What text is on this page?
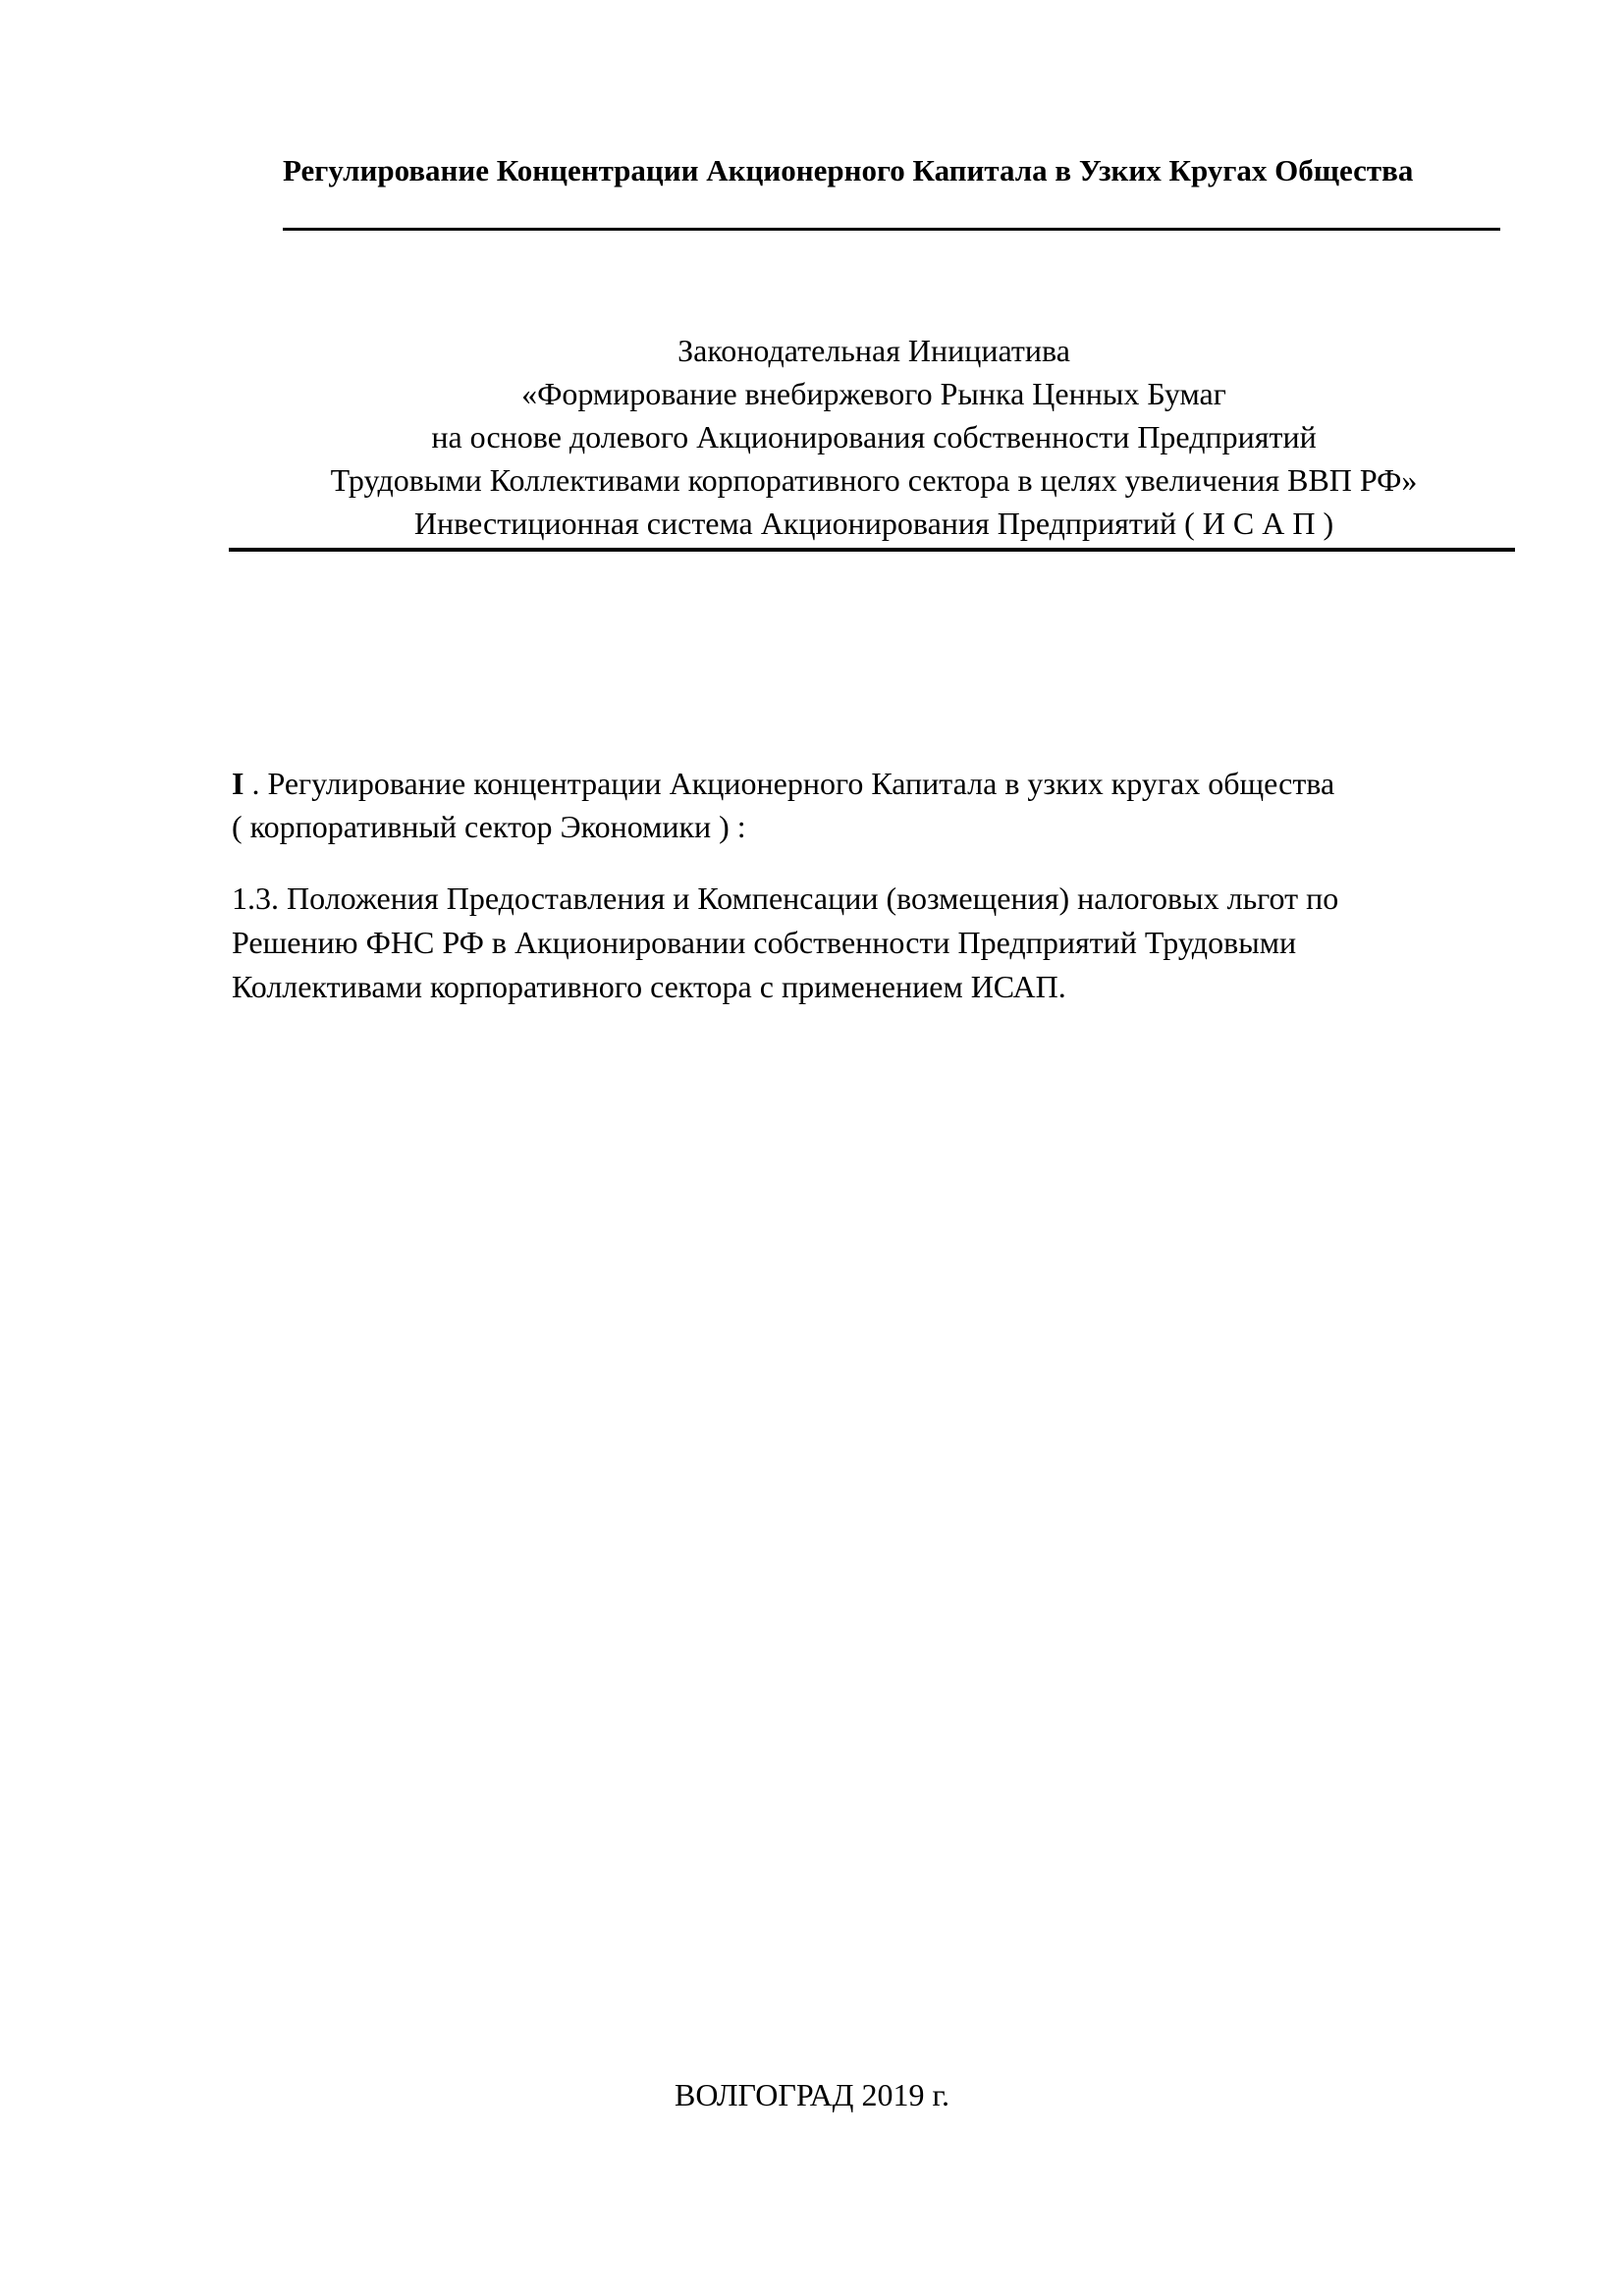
Регулирование Концентрации Акционерного Капитала в Узких Кругах Общества
Законодательная Инициатива
«Формирование внебиржевого Рынка Ценных Бумаг
на основе долевого Акционирования собственности Предприятий
Трудовыми Коллективами корпоративного сектора в целях увеличения ВВП РФ»
Инвестиционная система Акционирования Предприятий ( И С А П )
I . Регулирование концентрации Акционерного Капитала в узких кругах общества
( корпоративный сектор Экономики ) :
1.3. Положения Предоставления и Компенсации (возмещения) налоговых льгот по
Решению ФНС РФ в Акционировании собственности Предприятий Трудовыми
Коллективами корпоративного сектора с применением ИСАП.
ВОЛГОГРАД 2019 г.
